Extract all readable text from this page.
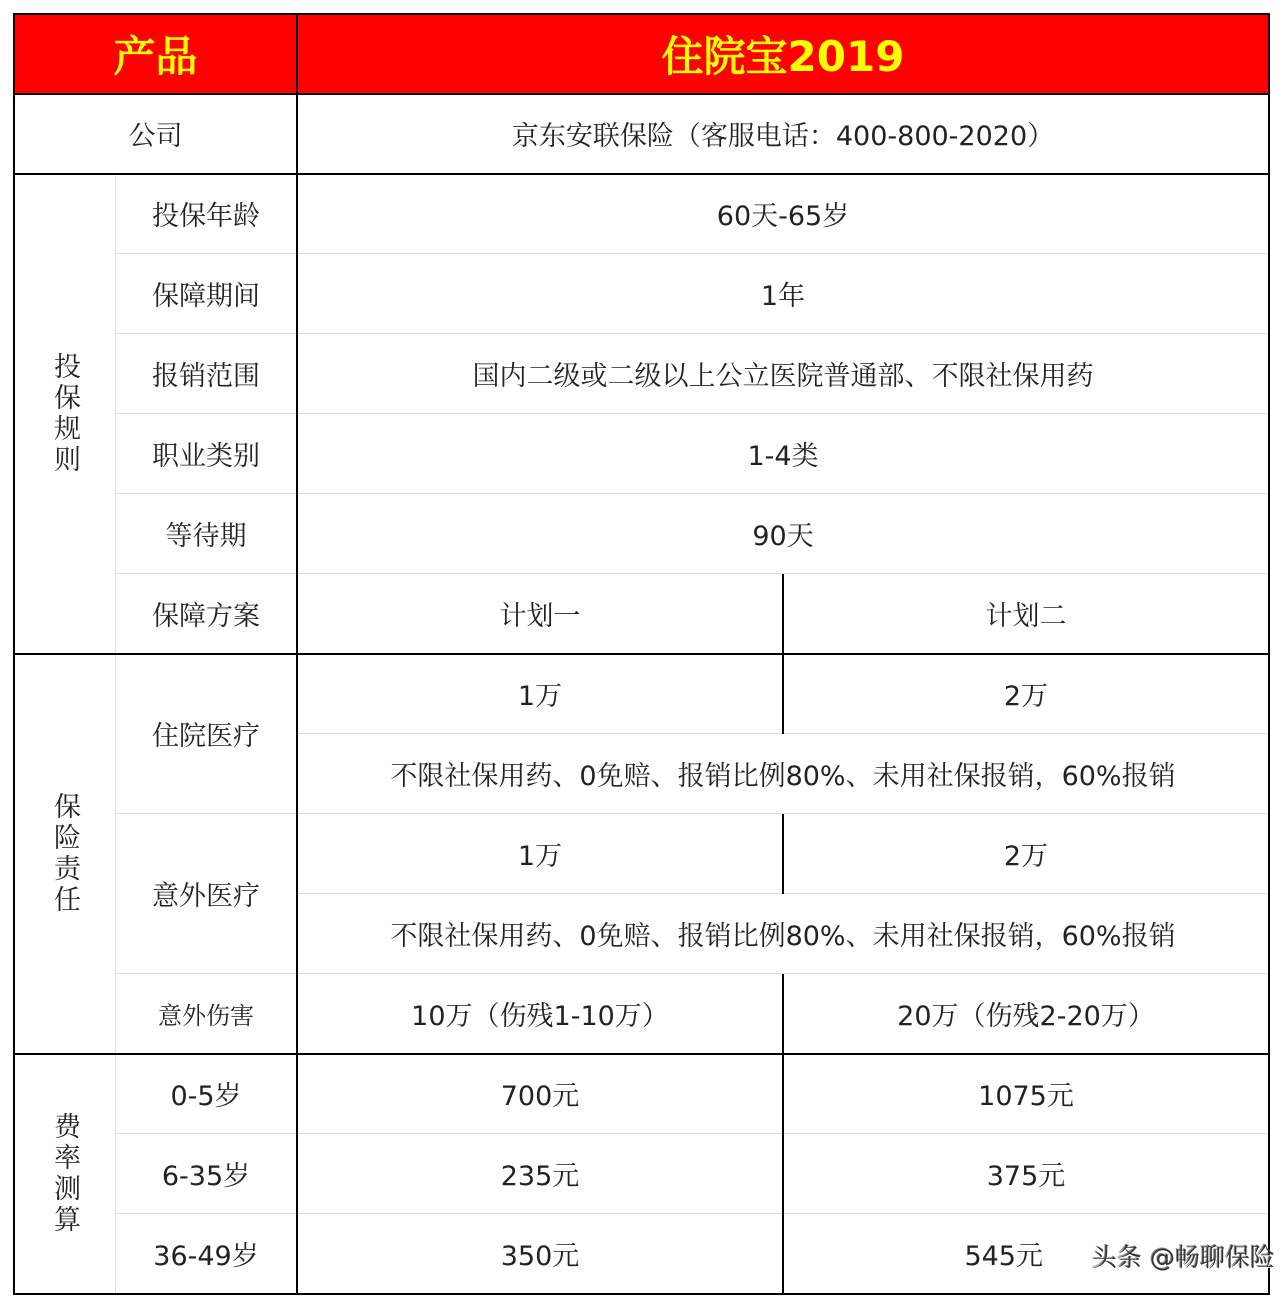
产品	住院宝2019
公司	京东安联保险（客服电话：400-800-2020）
投保规则
投保年龄	60天-65岁
保障期间	1年
报销范围	国内二级或二级以上公立医院普通部、不限社保用药
职业类别	1-4类
等待期	90天
保障方案	计划一	计划二
保险责任
住院医疗
1万	2万
不限社保用药、0免赔、报销比例80%、未用社保报销，60%报销
意外医疗
1万	2万
不限社保用药、0免赔、报销比例80%、未用社保报销，60%报销
意外伤害	10万（伤残1-10万）	20万（伤残2-20万）
费率测算
0-5岁	700元	1075元
6-35岁	235元	375元
36-49岁	350元	545元	头条 @畅聊保险
